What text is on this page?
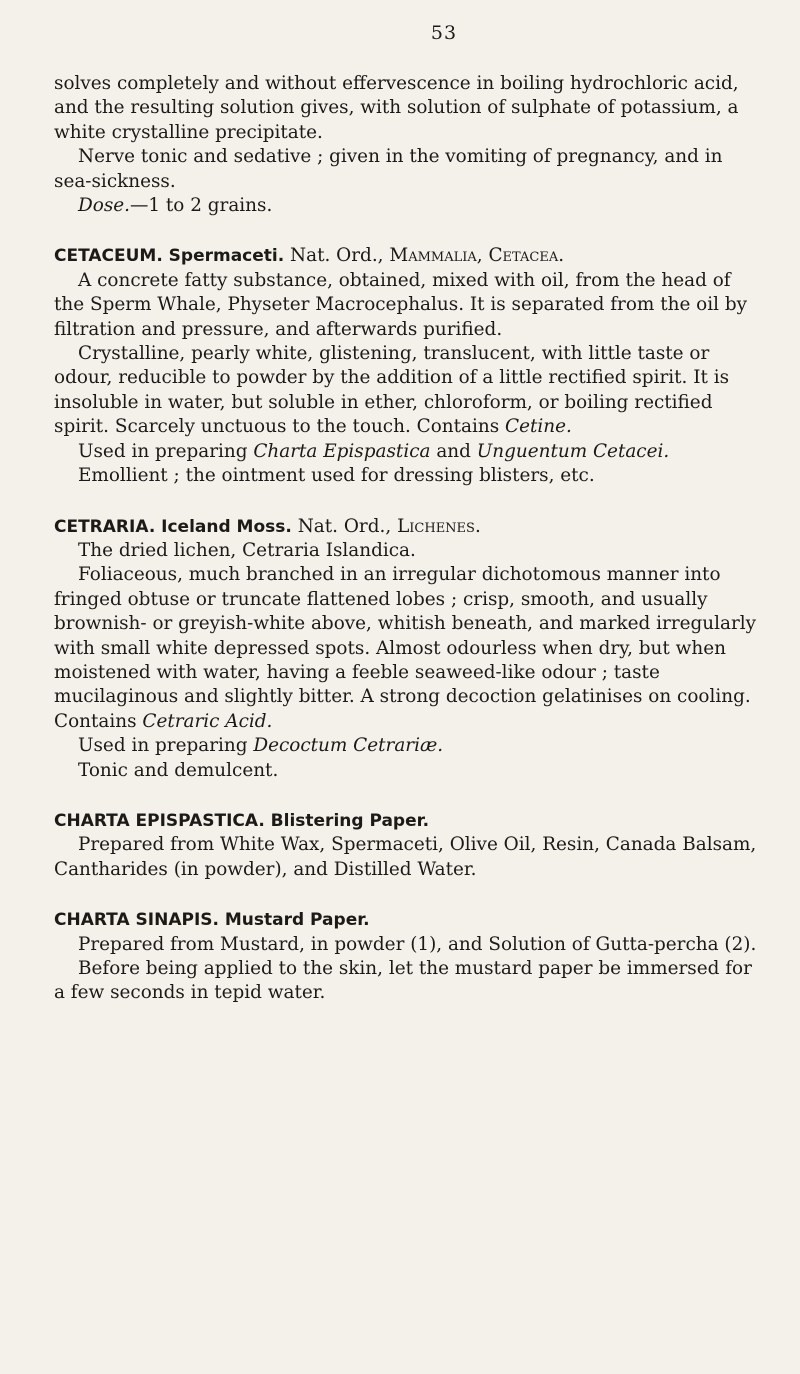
53

solves completely and without effervescence in boiling hydrochloric acid, and the resulting solution gives, with solution of sulphate of potassium, a white crystalline precipitate.

Nerve tonic and sedative ; given in the vomiting of pregnancy, and in sea-sickness.

Dose.—1 to 2 grains.

CETACEUM. Spermaceti. Nat. Ord., Mammalia, Cetacea.

A concrete fatty substance, obtained, mixed with oil, from the head of the Sperm Whale, Physeter Macrocephalus. It is separated from the oil by filtration and pressure, and afterwards purified.

Crystalline, pearly white, glistening, translucent, with little taste or odour, reducible to powder by the addition of a little rectified spirit. It is insoluble in water, but soluble in ether, chloroform, or boiling rectified spirit. Scarcely unctuous to the touch. Contains Cetine.

Used in preparing Charta Epispastica and Unguentum Cetacei.

Emollient ; the ointment used for dressing blisters, etc.

CETRARIA. Iceland Moss. Nat. Ord., Lichenes.

The dried lichen, Cetraria Islandica.

Foliaceous, much branched in an irregular dichotomous manner into fringed obtuse or truncate flattened lobes ; crisp, smooth, and usually brownish- or greyish-white above, whitish beneath, and marked irregularly with small white depressed spots. Almost odourless when dry, but when moistened with water, having a feeble seaweed-like odour ; taste mucilaginous and slightly bitter. A strong decoction gelatinises on cooling. Contains Cetraric Acid.

Used in preparing Decoctum Cetrariæ.

Tonic and demulcent.

CHARTA EPISPASTICA. Blistering Paper.

Prepared from White Wax, Spermaceti, Olive Oil, Resin, Canada Balsam, Cantharides (in powder), and Distilled Water.

CHARTA SINAPIS. Mustard Paper.

Prepared from Mustard, in powder (1), and Solution of Gutta-percha (2).

Before being applied to the skin, let the mustard paper be immersed for a few seconds in tepid water.
